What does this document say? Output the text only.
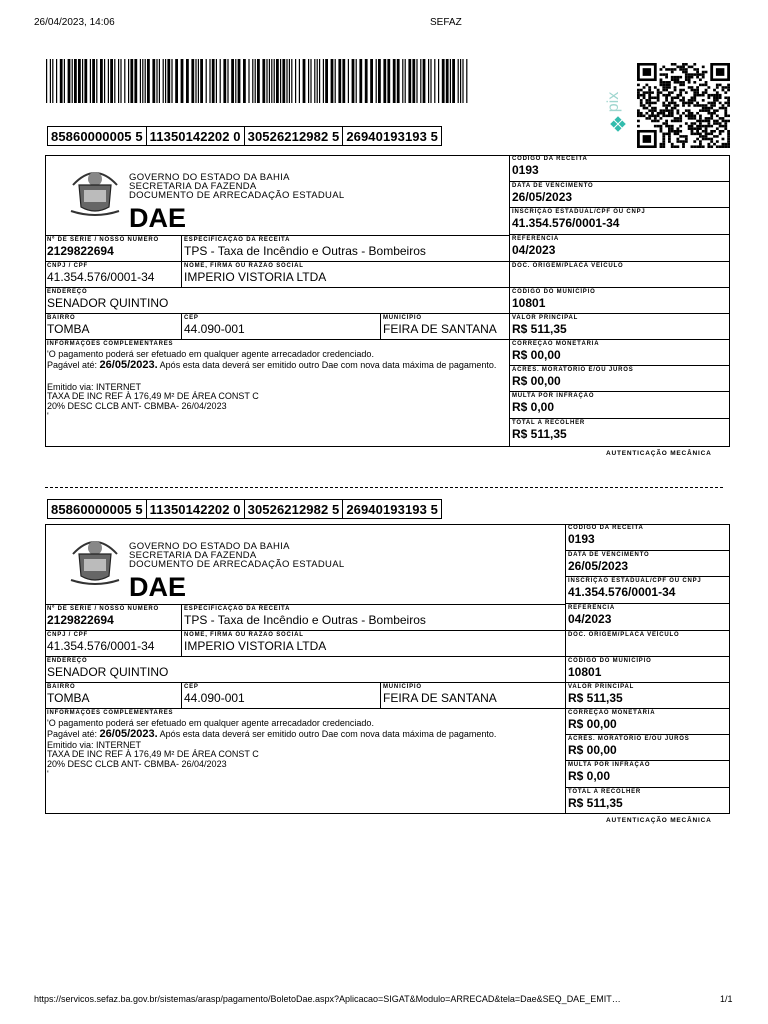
26/04/2023, 14:06	SEFAZ
https://servicos.sefaz.ba.gov.br/sistemas/arasp/pagamento/BoletoDae.aspx?Aplicacao=SIGAT&Modulo=ARRECAD&tela=Dae&SEQ_DAE_EMIT…	1/1
pix
85860000005 5 11350142202 0 30526212982 5 26940193193 5
GOVERNO DO ESTADO DA BAHIA
SECRETARIA DA FAZENDA
DOCUMENTO DE ARRECADAÇÃO ESTADUAL
DAE
CÓDIGO DA RECEITA
0193
DATA DE VENCIMENTO
26/05/2023
INSCRIÇÃO ESTADUAL/CPF OU CNPJ
41.354.576/0001-34
Nº DE SÉRIE / NOSSO NÚMERO
2129822694
ESPECIFICAÇÃO DA RECEITA
TPS - Taxa de Incêndio e Outras - Bombeiros
REFERÊNCIA
04/2023
CNPJ / CPF
41.354.576/0001-34
NOME, FIRMA OU RAZÃO SOCIAL
IMPERIO VISTORIA LTDA
DOC. ORIGEM/PLACA VEÍCULO
ENDEREÇO
SENADOR QUINTINO
CÓDIGO DO MUNICÍPIO
10801
BAIRRO
TOMBA
CEP
44.090-001
MUNICÍPIO
FEIRA DE SANTANA
VALOR PRINCIPAL
R$ 511,35
INFORMAÇÕES COMPLEMENTARES
'O pagamento poderá ser efetuado em qualquer agente arrecadador credenciado.
Pagável até: 26/05/2023. Após esta data deverá ser emitido outro Dae com nova data máxima de pagamento.
Emitido via: INTERNET
TAXA DE INC REF À 176,49 M² DE ÁREA CONST C
20% DESC CLCB ANT- CBMBA- 26/04/2023
'
CORREÇÃO MONETÁRIA
R$ 00,00
ACRÉS. MORATÓRIO E/OU JUROS
R$ 00,00
MULTA POR INFRAÇÃO
R$ 0,00
TOTAL A RECOLHER
R$ 511,35
AUTENTICAÇÃO MECÂNICA
85860000005 5 11350142202 0 30526212982 5 26940193193 5
GOVERNO DO ESTADO DA BAHIA
SECRETARIA DA FAZENDA
DOCUMENTO DE ARRECADAÇÃO ESTADUAL
DAE
CÓDIGO DA RECEITA
0193
DATA DE VENCIMENTO
26/05/2023
INSCRIÇÃO ESTADUAL/CPF OU CNPJ
41.354.576/0001-34
Nº DE SÉRIE / NOSSO NÚMERO
2129822694
ESPECIFICAÇÃO DA RECEITA
TPS - Taxa de Incêndio e Outras - Bombeiros
REFERÊNCIA
04/2023
CNPJ / CPF
41.354.576/0001-34
NOME, FIRMA OU RAZÃO SOCIAL
IMPERIO VISTORIA LTDA
DOC. ORIGEM/PLACA VEÍCULO
ENDEREÇO
SENADOR QUINTINO
CÓDIGO DO MUNICÍPIO
10801
BAIRRO
TOMBA
CEP
44.090-001
MUNICÍPIO
FEIRA DE SANTANA
VALOR PRINCIPAL
R$ 511,35
INFORMAÇÕES COMPLEMENTARES
'O pagamento poderá ser efetuado em qualquer agente arrecadador credenciado.
Pagável até: 26/05/2023. Após esta data deverá ser emitido outro Dae com nova data máxima de pagamento.
Emitido via: INTERNET
TAXA DE INC REF À 176,49 M² DE ÁREA CONST C
20% DESC CLCB ANT- CBMBA- 26/04/2023
'
CORREÇÃO MONETÁRIA
R$ 00,00
ACRÉS. MORATÓRIO E/OU JUROS
R$ 00,00
MULTA POR INFRAÇÃO
R$ 0,00
TOTAL A RECOLHER
R$ 511,35
AUTENTICAÇÃO MECÂNICA
